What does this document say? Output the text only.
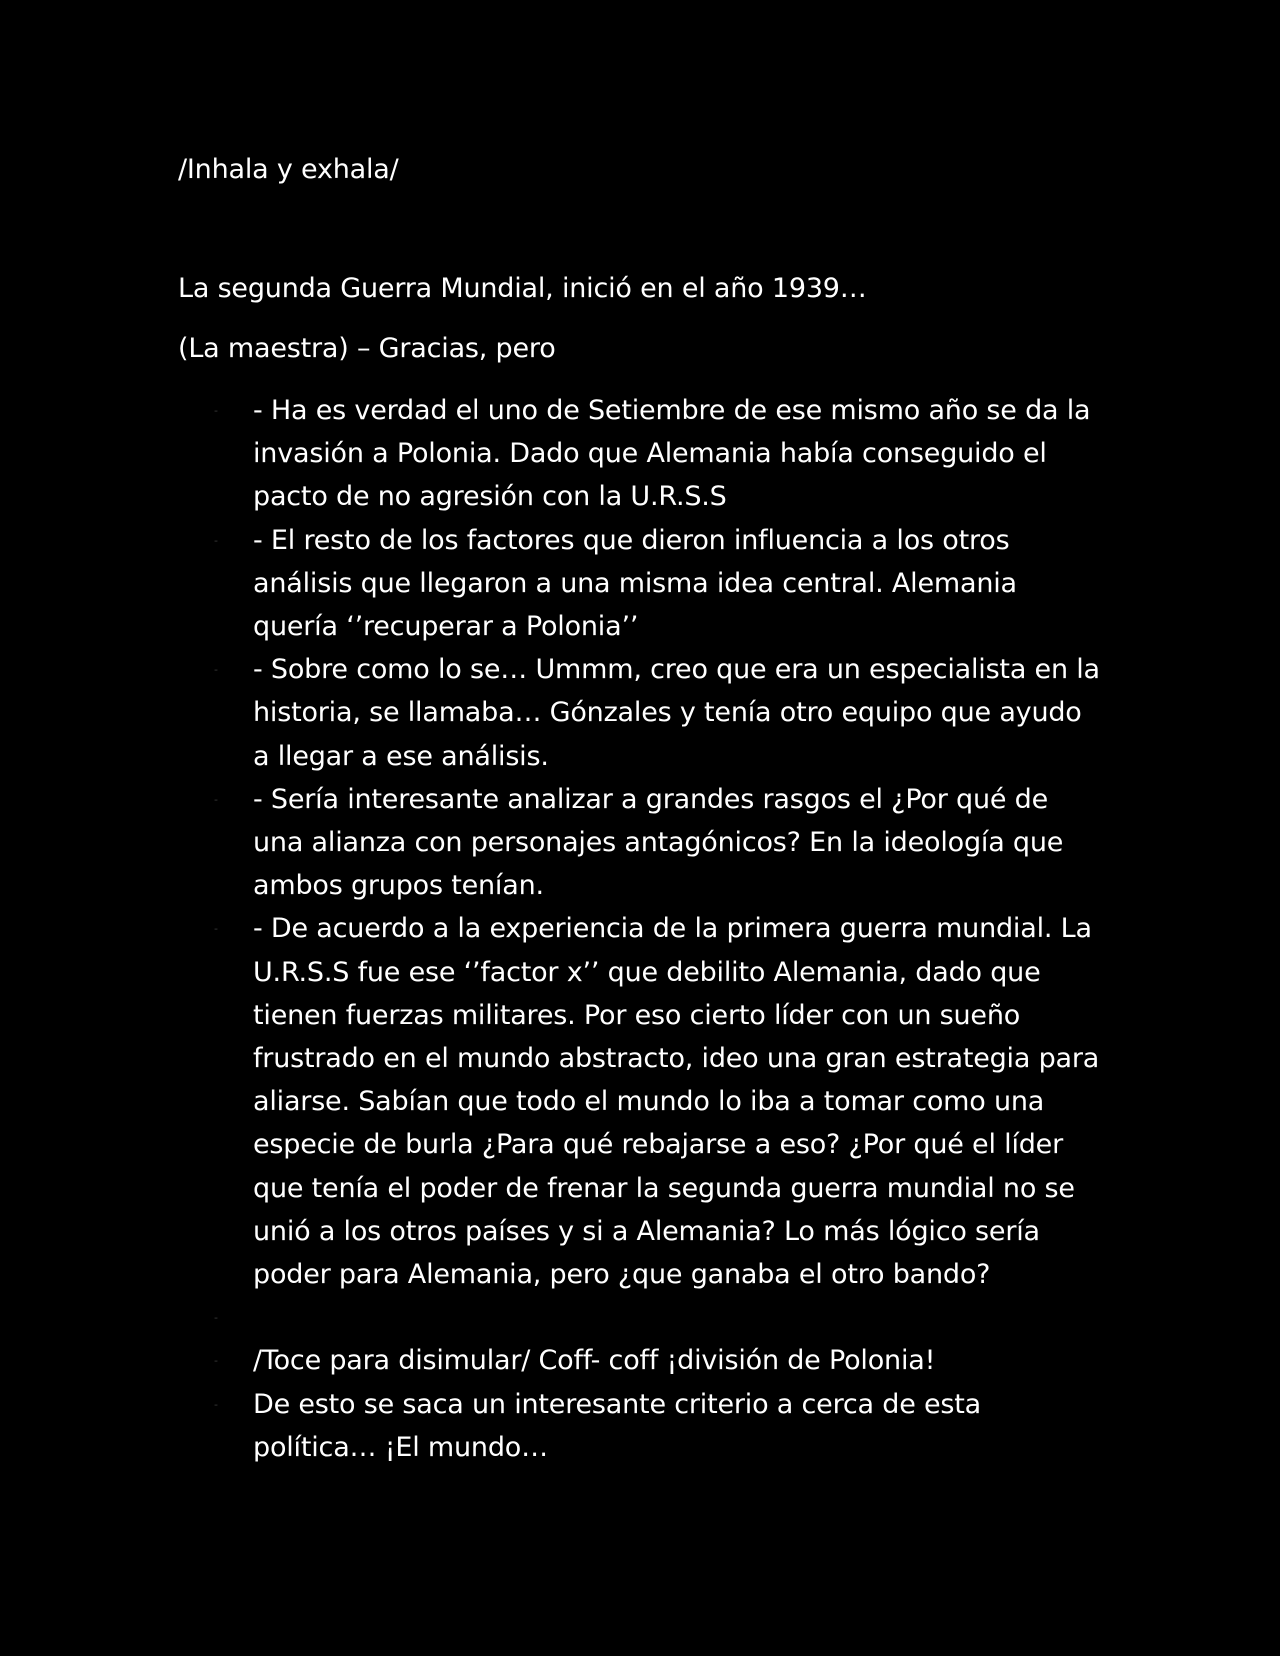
/Inhala y exhala/
La segunda Guerra Mundial, inició en el año 1939…
(La maestra) – Gracias, pero
- - Ha es verdad el uno de Setiembre de ese mismo año se da la invasión a Polonia. Dado que Alemania había conseguido el pacto de no agresión con la U.R.S.S
- - El resto de los factores que dieron influencia a los otros análisis que llegaron a una misma idea central. Alemania quería ‘’recuperar a Polonia’’
- - Sobre como lo se… Ummm, creo que era un especialista en la historia, se llamaba… Gónzales y tenía otro equipo que ayudo a llegar a ese análisis.
- - Sería interesante analizar a grandes rasgos el ¿Por qué de una alianza con personajes antagónicos? En la ideología que ambos grupos tenían.
- - De acuerdo a la experiencia de la primera guerra mundial. La U.R.S.S fue ese ‘’factor x’’ que debilito Alemania, dado que tienen fuerzas militares. Por eso cierto líder con un sueño frustrado en el mundo abstracto, ideo una gran estrategia para aliarse. Sabían que todo el mundo lo iba a tomar como una especie de burla ¿Para qué rebajarse a eso? ¿Por qué el líder que tenía el poder de frenar la segunda guerra mundial no se unió a los otros países y si a Alemania? Lo más lógico sería poder para Alemania, pero ¿que ganaba el otro bando?
-
- /Toce para disimular/ Coff- coff ¡división de Polonia!
- De esto se saca un interesante criterio a cerca de esta política… ¡El mundo…
